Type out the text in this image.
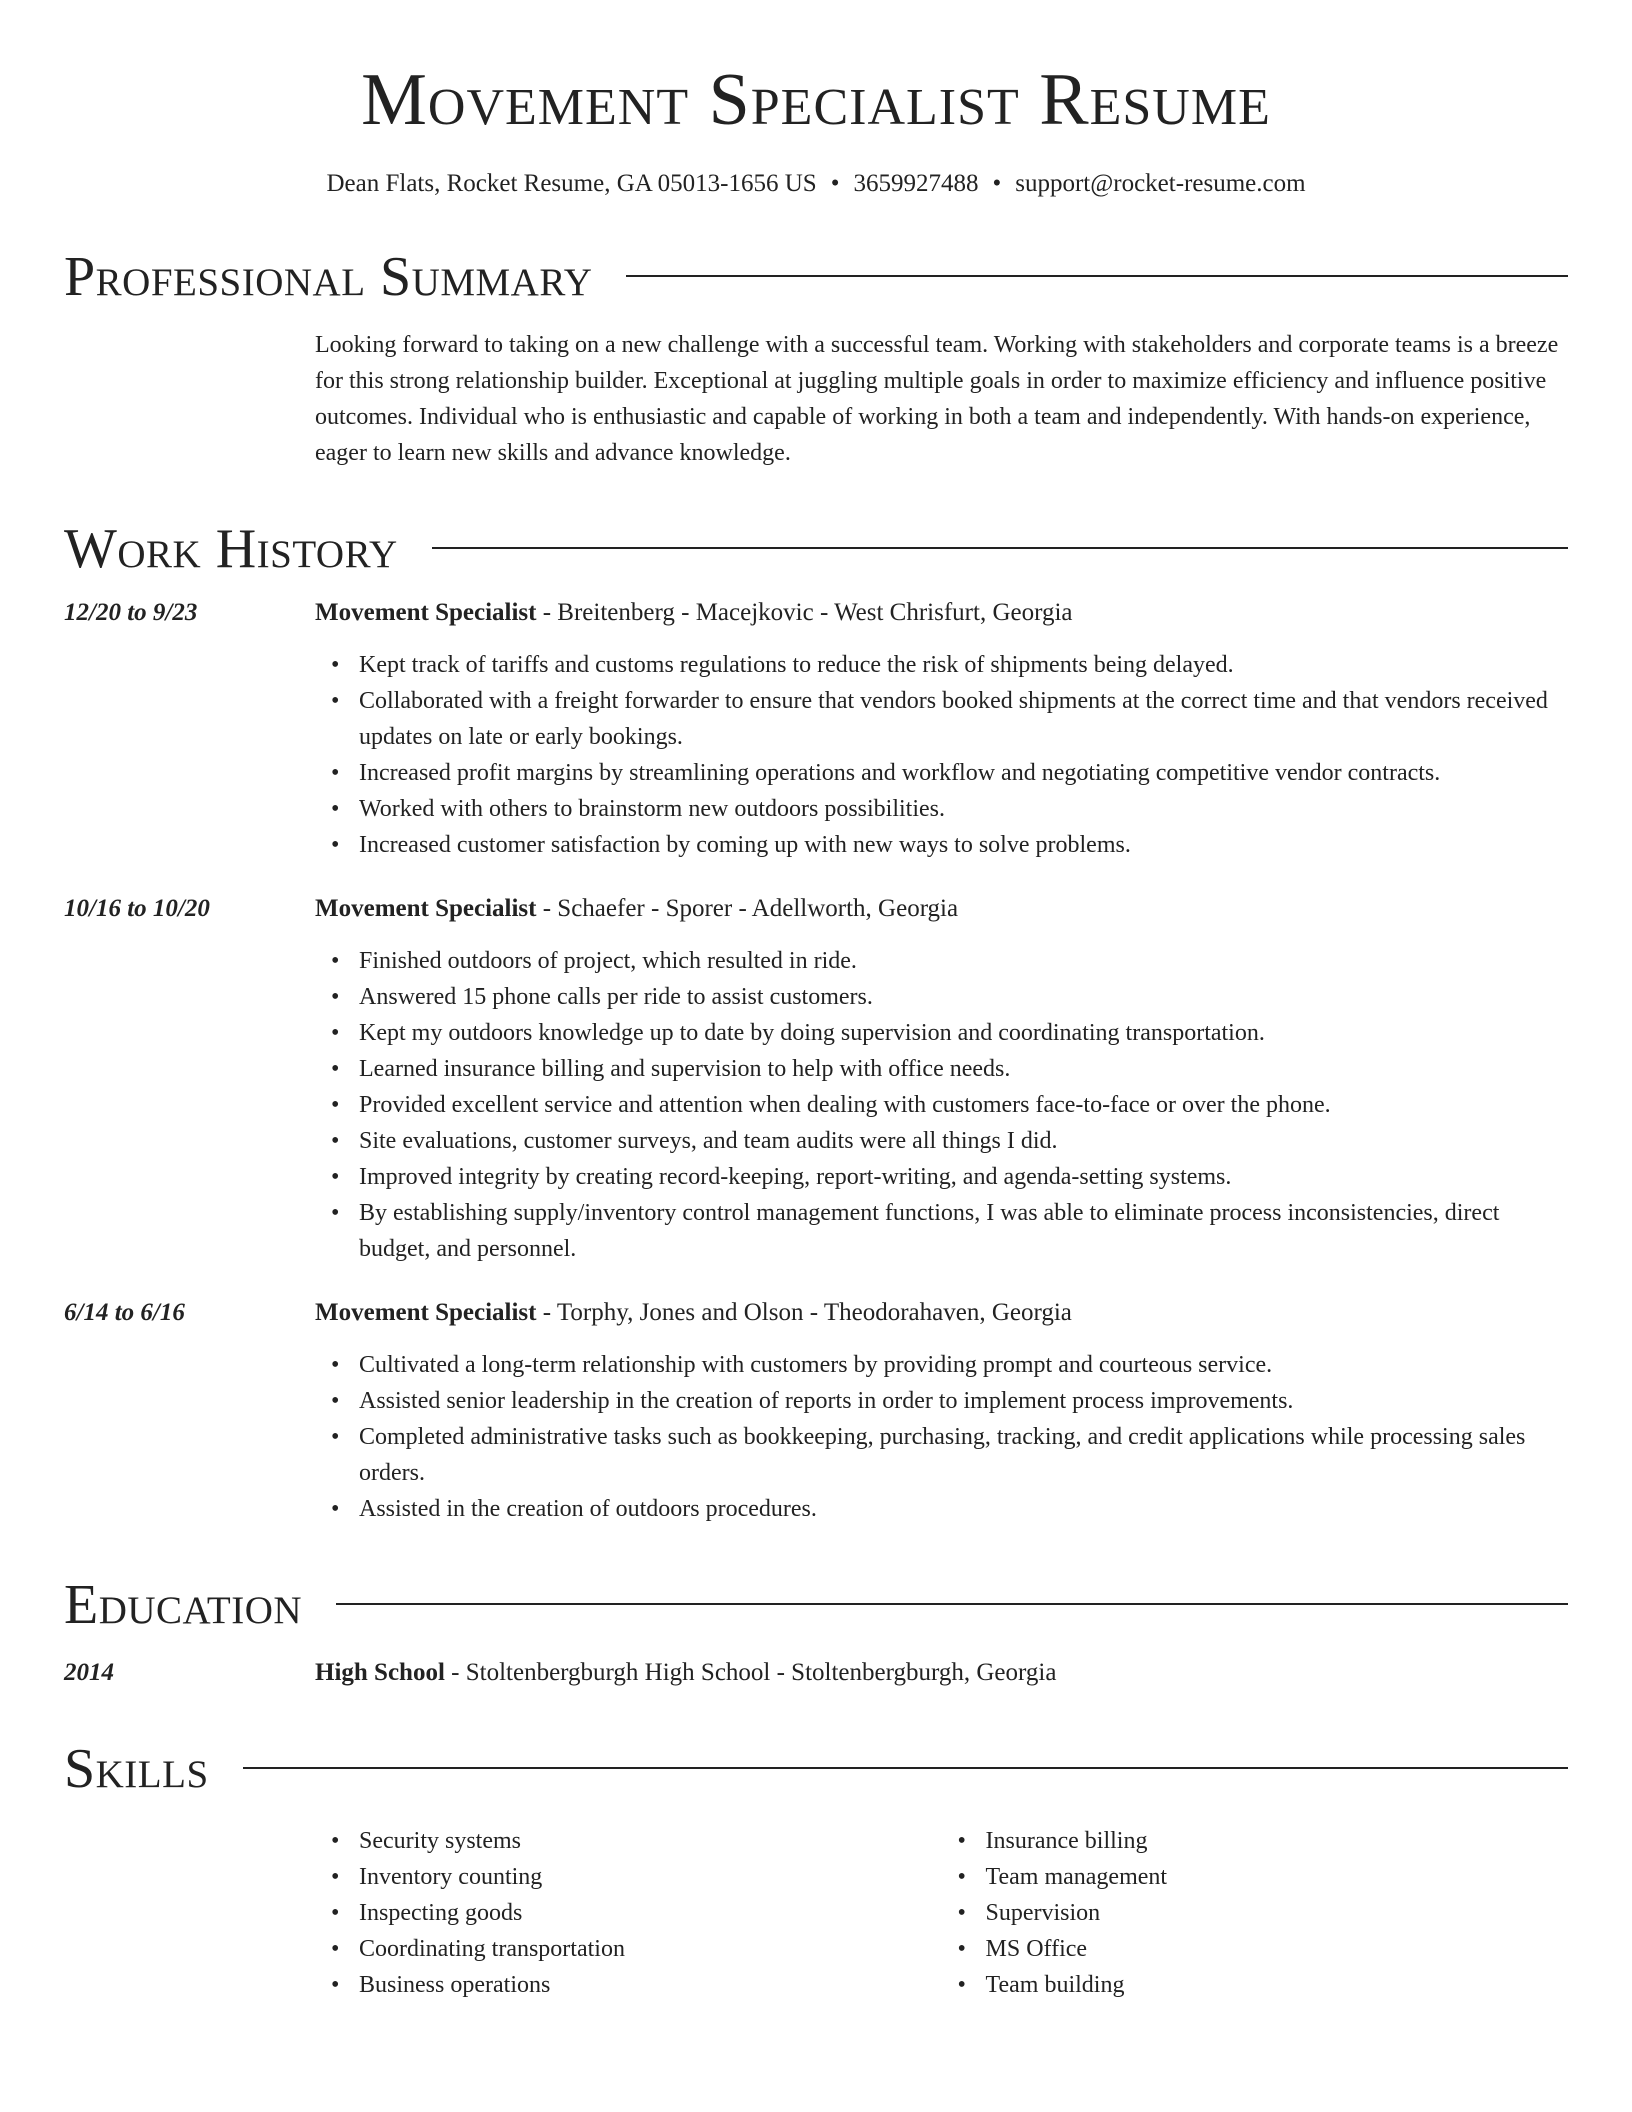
Movement Specialist Resume
Dean Flats, Rocket Resume, GA 05013-1656 US • 3659927488 • support@rocket-resume.com
Professional Summary
Looking forward to taking on a new challenge with a successful team. Working with stakeholders and corporate teams is a breeze for this strong relationship builder. Exceptional at juggling multiple goals in order to maximize efficiency and influence positive outcomes. Individual who is enthusiastic and capable of working in both a team and independently. With hands-on experience, eager to learn new skills and advance knowledge.
Work History
12/20 to 9/23	Movement Specialist - Breitenberg - Macejkovic - West Chrisfurt, Georgia
• Kept track of tariffs and customs regulations to reduce the risk of shipments being delayed.
• Collaborated with a freight forwarder to ensure that vendors booked shipments at the correct time and that vendors received updates on late or early bookings.
• Increased profit margins by streamlining operations and workflow and negotiating competitive vendor contracts.
• Worked with others to brainstorm new outdoors possibilities.
• Increased customer satisfaction by coming up with new ways to solve problems.
10/16 to 10/20	Movement Specialist - Schaefer - Sporer - Adellworth, Georgia
• Finished outdoors of project, which resulted in ride.
• Answered 15 phone calls per ride to assist customers.
• Kept my outdoors knowledge up to date by doing supervision and coordinating transportation.
• Learned insurance billing and supervision to help with office needs.
• Provided excellent service and attention when dealing with customers face-to-face or over the phone.
• Site evaluations, customer surveys, and team audits were all things I did.
• Improved integrity by creating record-keeping, report-writing, and agenda-setting systems.
• By establishing supply/inventory control management functions, I was able to eliminate process inconsistencies, direct budget, and personnel.
6/14 to 6/16	Movement Specialist - Torphy, Jones and Olson - Theodorahaven, Georgia
• Cultivated a long-term relationship with customers by providing prompt and courteous service.
• Assisted senior leadership in the creation of reports in order to implement process improvements.
• Completed administrative tasks such as bookkeeping, purchasing, tracking, and credit applications while processing sales orders.
• Assisted in the creation of outdoors procedures.
Education
2014	High School - Stoltenbergburgh High School - Stoltenbergburgh, Georgia
Skills
• Security systems
• Inventory counting
• Inspecting goods
• Coordinating transportation
• Business operations
• Insurance billing
• Team management
• Supervision
• MS Office
• Team building
